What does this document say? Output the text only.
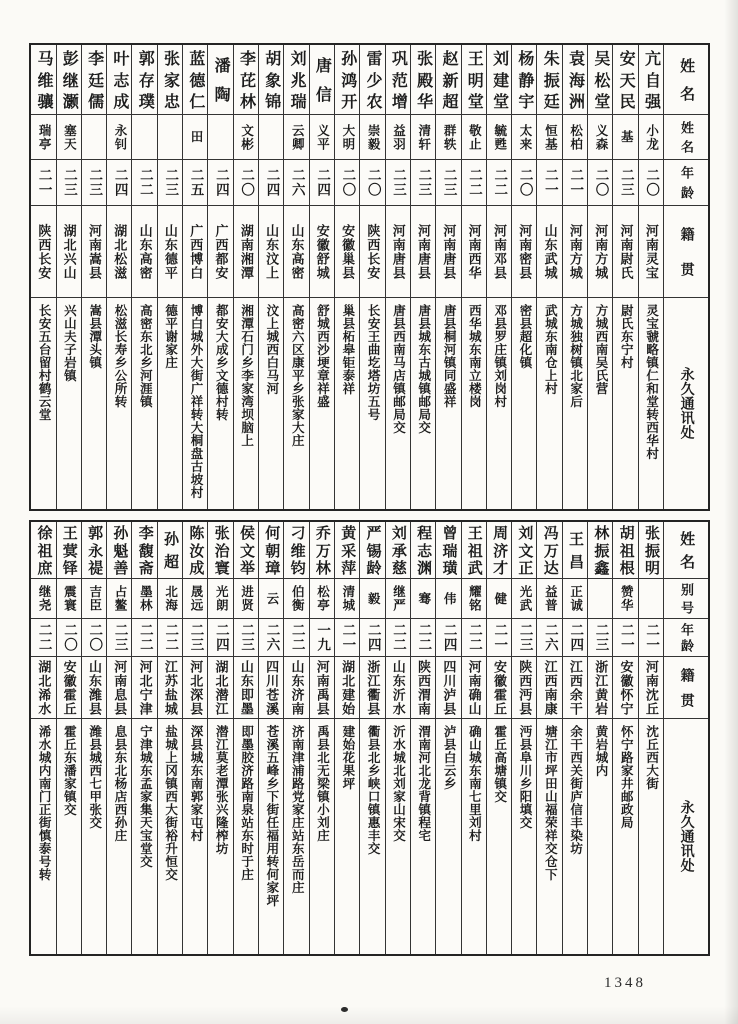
姓
名
姓
名
年
龄
籍
贯
永久通讯处
亢
自
强
小龙
二〇
河南灵宝
灵宝虢略镇仁和堂转西华村
安
天
民
基
二三
河南尉氏
尉氏东宁村
吴
松
堂
义森
二〇
河南方城
方城西南吴氏营
袁
海
洲
松柏
二一
河南方城
方城独树镇北家后
朱
振
廷
恒基
二一
山东武城
武城东南仓上村
杨
静
宇
太来
二〇
河南密县
密县超化镇
刘
建
堂
毓甦
二二
河南邓县
邓县罗庄镇刘岗村
王
明
堂
敬止
二二
河南西华
西华城东南立楼岗
赵
新
超
群轶
二三
河南唐县
唐县桐河镇同盛祥
张
殿
华
清轩
二三
河南唐县
唐县城东古城镇邮局交
巩
范
增
益羽
二三
河南唐县
唐县西南马店镇邮局交
雷
少
农
崇毅
二〇
陕西长安
长安王曲圪塔坊五号
孙
鸿
开
大明
二〇
安徽巢县
巢县柘皋钜泰祥
唐
信
义平
二四
安徽舒城
舒城西沙埂章祥盛
刘
兆
瑞
云卿
二六
山东高密
高密六区康平乡张家大庄
胡
象
锦
二四
山东汶上
汶上城西白马河
李
芘
林
文彬
二〇
湖南湘潭
湘潭石门乡李家湾坝脑上
潘
陶
二四
广西都安
都安大成乡文德村转
蓝
德
仁
田
二五
广西博白
博白城外大街广祥转大桐盘古坡村
张
家
忠
二三
山东德平
德平谢家庄
郭
存
璞
二二
山东高密
高密东北乡河涯镇
叶
志
成
永钊
二四
湖北松滋
松滋长寿乡公所转
李
廷
儒
二三
河南嵩县
嵩县潭头镇
彭
继
灏
塞天
二三
湖北兴山
兴山夫子岩镇
马
维
骧
瑞亭
二一
陕西长安
长安五台留村鹤云堂
姓
名
别
号
年
龄
籍
贯
永久通讯处
张
振
明
二一
河南沈丘
沈丘西大街
胡
祖
根
赞华
二一
安徽怀宁
怀宁路家井邮政局
林
振
鑫
二三
浙江黄岩
黄岩城内
王
昌
正诚
二四
江西余干
余干西关街庐信丰染坊
冯
万
达
益普
二六
江西南康
塘江市坪田山福荣祥交仓下
刘
文
正
光武
二三
陕西沔县
沔县阜川乡阳填交
周
济
才
健
二一
安徽霍丘
霍丘高塘镇交
王
祖
武
耀铭
二二
河南确山
确山城东南七里刘村
曾
瑞
璜
伟
二四
四川泸县
泸县白云乡
程
志
渊
骞
二二
陕西渭南
渭南河北龙背镇程宅
刘
承
慈
继严
二二
山东沂水
沂水城北刘家山宋交
严
锡
龄
毅
二四
浙江衢县
衢县北乡峡口镇惠丰交
黄
采
萍
清城
二一
湖北建始
建始花果坪
乔
万
林
松亭
一九
河南禹县
禹县北无梁镇小刘庄
刁
维
钧
伯衡
二二
山东济南
济南津浦路党家庄站东岳而庄
何
朝
璋
云
二六
四川苍溪
苍溪五峰乡下街任福用转何家坪
侯
文
举
进贤
二三
山东即墨
即墨胶济路南泉站东时于庄
张
治
寰
光朗
二四
湖北潜江
潜江莫老潭张兴隆榨坊
陈
汝
成
晟远
二三
河北深县
深县城东南郭家屯村
孙
超
北海
二二
江苏盐城
盐城上冈镇西大街裕升恒交
李
馥
斋
墨林
二二
河北宁津
宁津城东孟家集天宝堂交
孙
魁
善
占鳌
二三
河南息县
息县东北杨店西孙庄
郭
永
禔
吉臣
二〇
山东潍县
潍县城西七甲张交
王
蓂
铎
震寰
二〇
安徽霍丘
霍丘东潘家镇交
徐
祖
庶
继尧
二二
湖北浠水
浠水城内南门正街慎泰号转
1348
